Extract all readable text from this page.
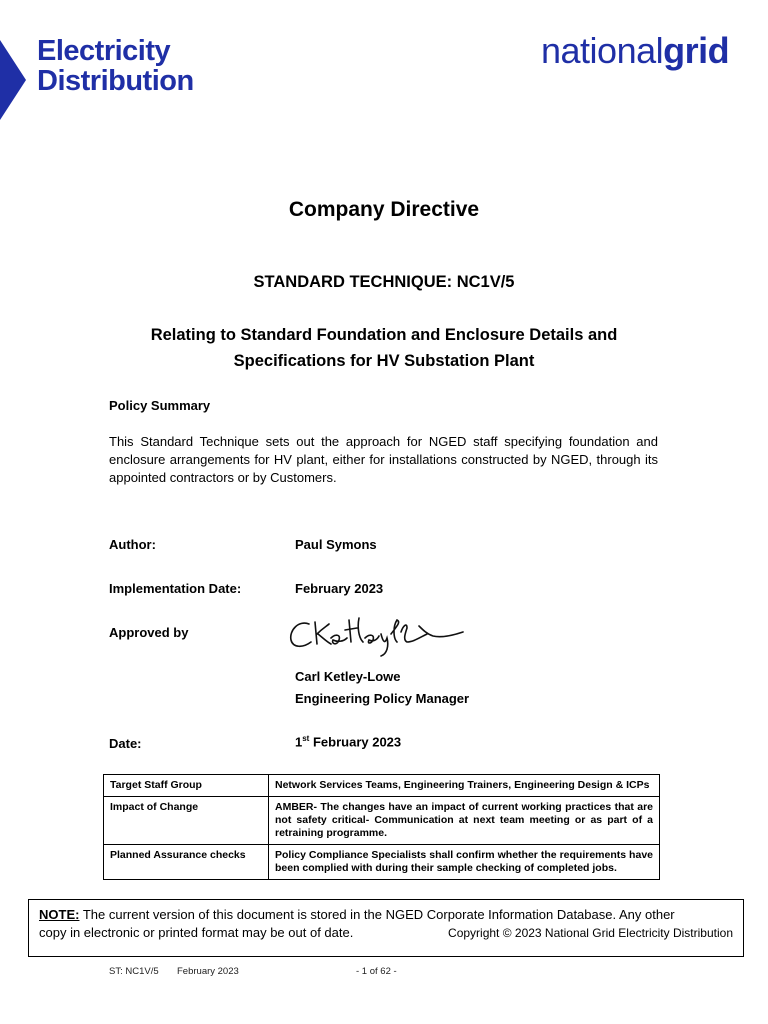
Electricity
Distribution
nationalgrid
Company Directive
STANDARD TECHNIQUE: NC1V/5
Relating to Standard Foundation and Enclosure Details and
Specifications for HV Substation Plant
Policy Summary
This Standard Technique sets out the approach for NGED staff specifying foundation and enclosure arrangements for HV plant, either for installations constructed by NGED, through its appointed contractors or by Customers.
Author:	Paul Symons
Implementation Date:	February 2023
Approved by
Carl Ketley-Lowe
Engineering Policy Manager
Date:	1st February 2023
Target Staff Group	Network Services Teams, Engineering Trainers, Engineering Design & ICPs
Impact of Change	AMBER- The changes have an impact of current working practices that are not safety critical- Communication at next team meeting or as part of a retraining programme.
Planned Assurance checks	Policy Compliance Specialists shall confirm whether the requirements have been complied with during their sample checking of completed jobs.
NOTE: The current version of this document is stored in the NGED Corporate Information Database. Any other
copy in electronic or printed format may be out of date.	Copyright © 2023 National Grid Electricity Distribution
ST: NC1V/5 February 2023	- 1 of 62 -
